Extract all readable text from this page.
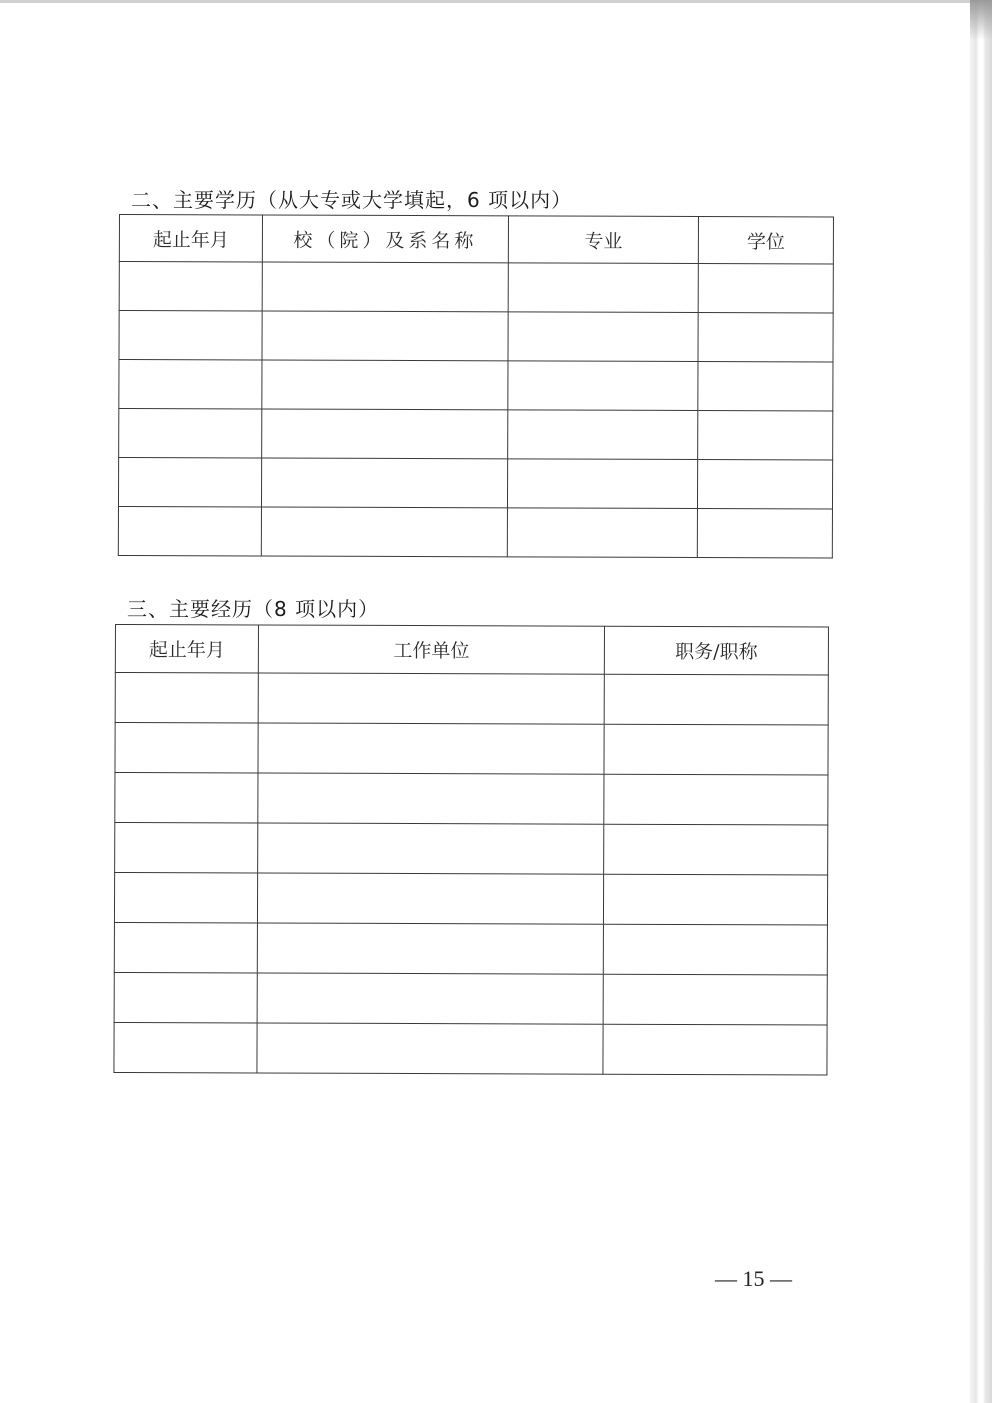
二、主要学历（从大专或大学填起，6 项以内）
起止年月	校（院）及系名称	专业	学位

三、主要经历（8 项以内）
起止年月	工作单位	职务/职称

— 15 —
